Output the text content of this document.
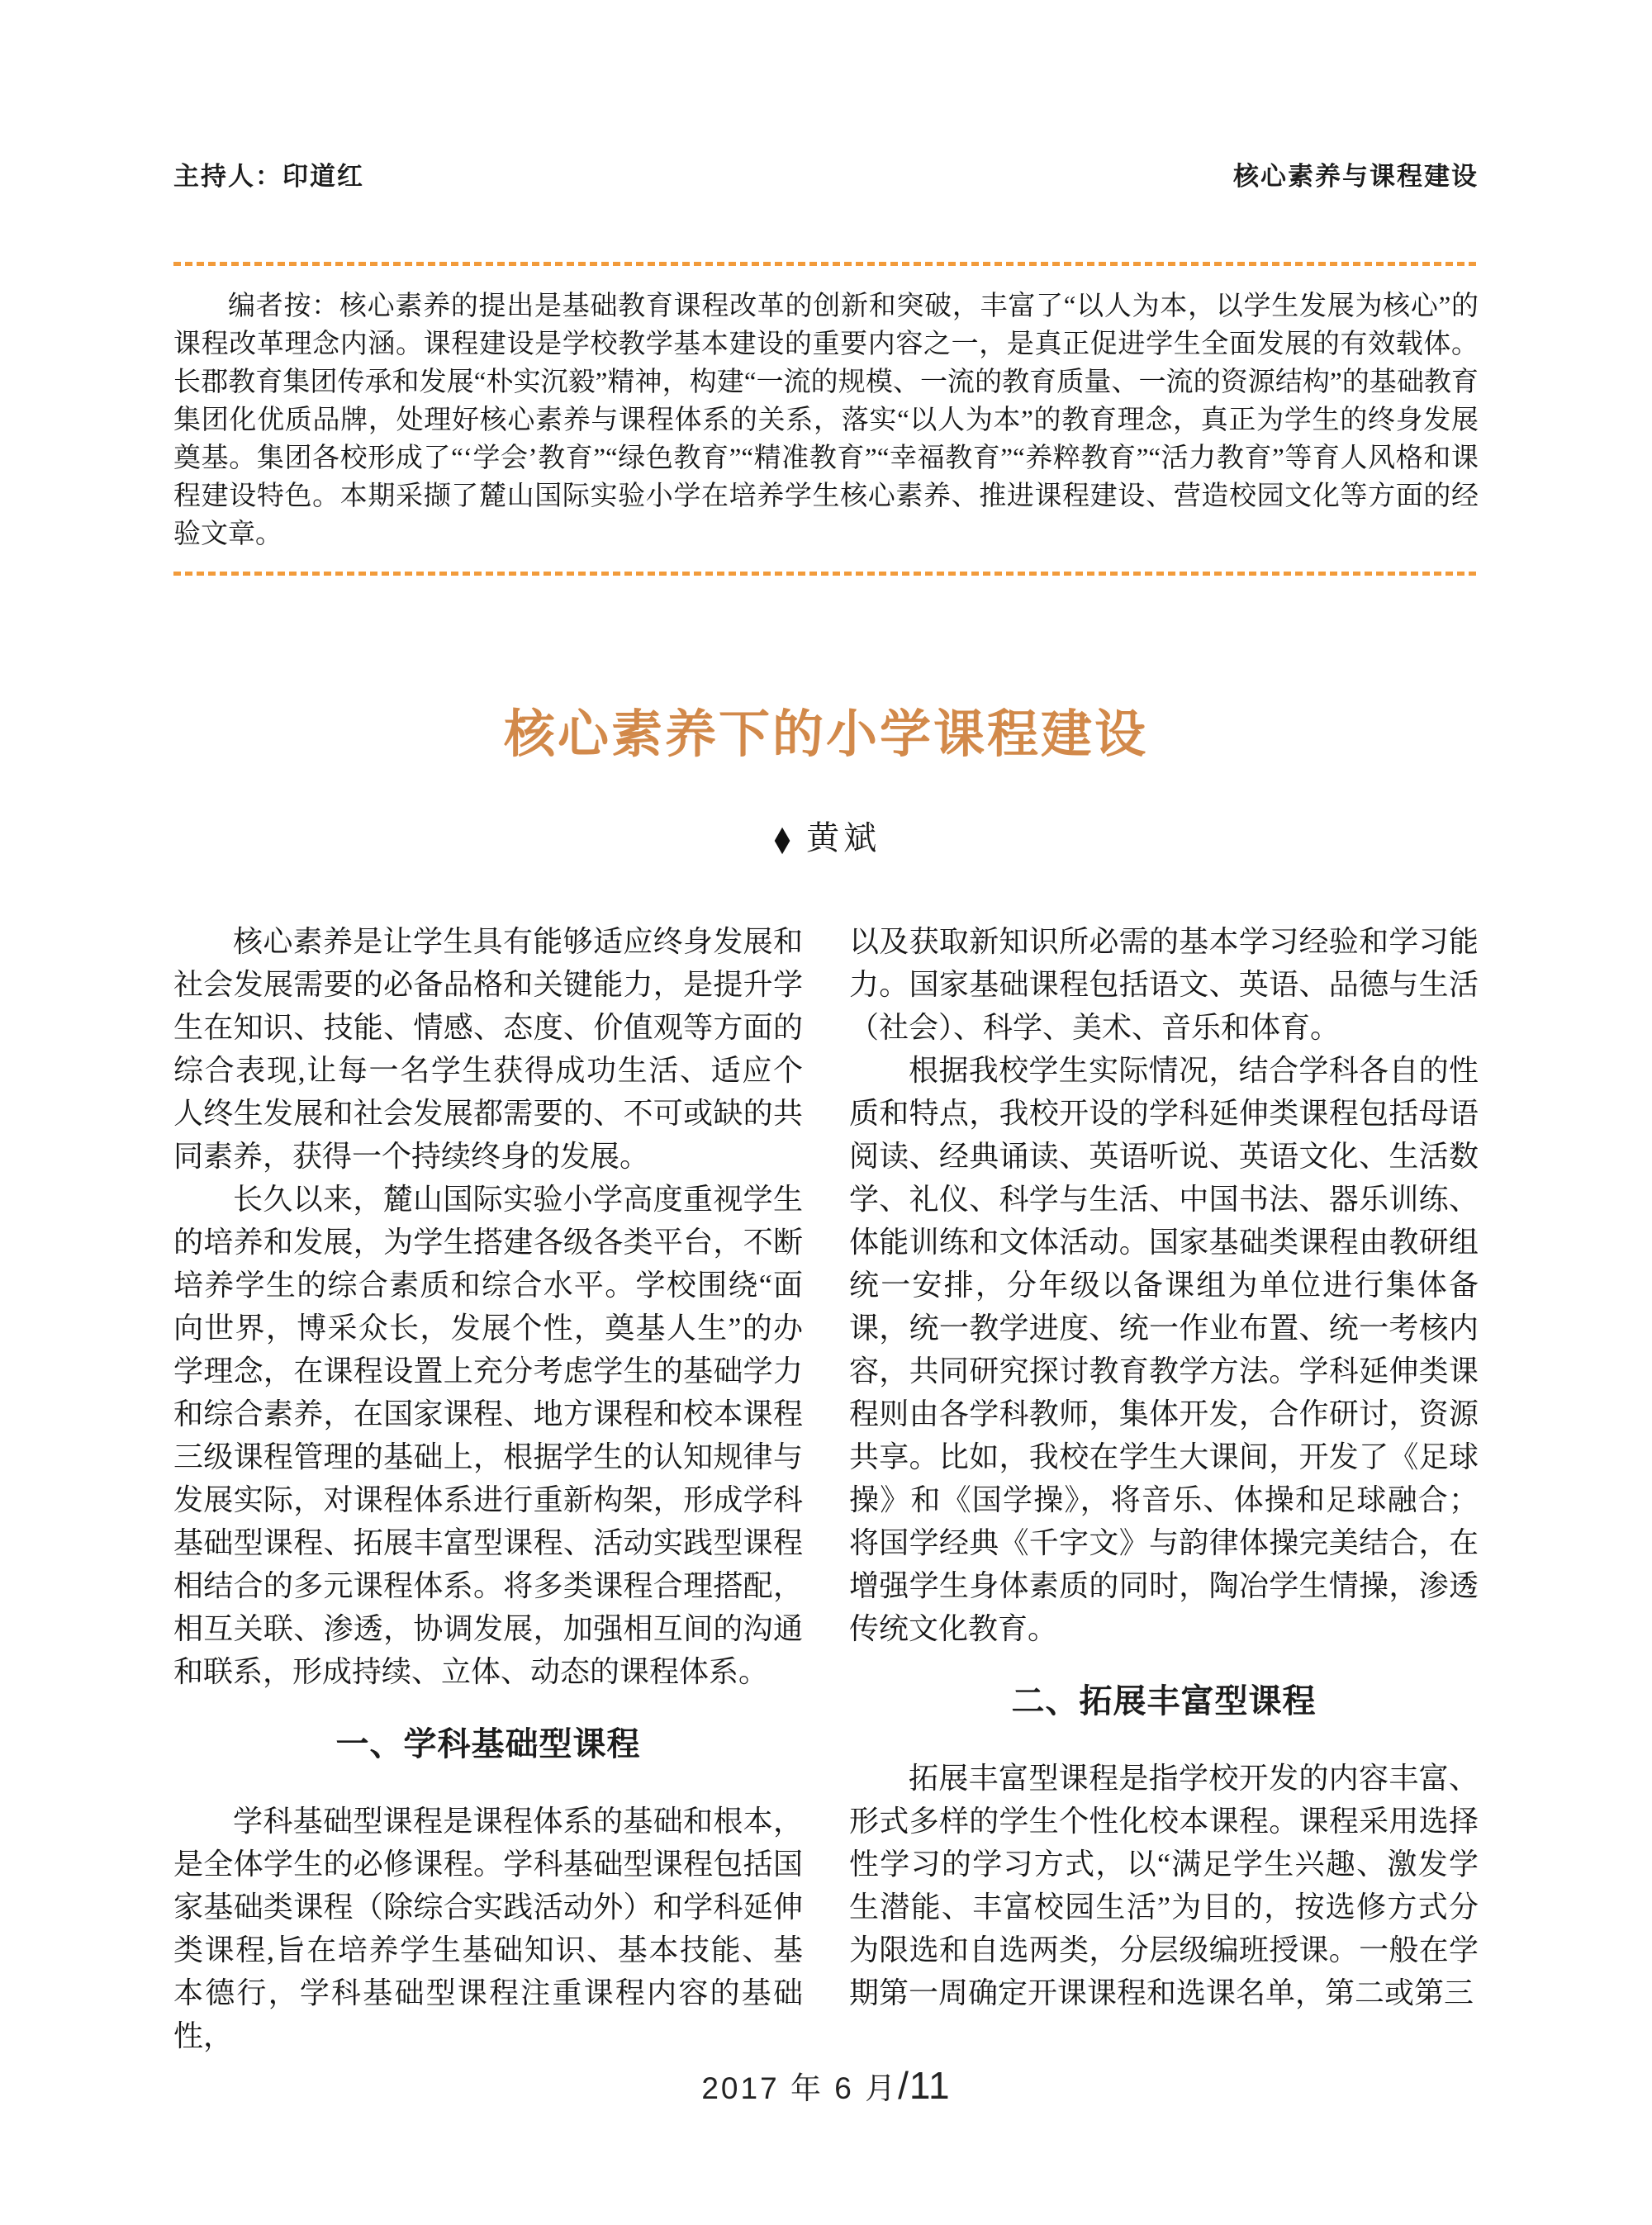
主持人：印道红	核心素养与课程建设

编者按：核心素养的提出是基础教育课程改革的创新和突破，丰富了“以人为本，以学生发展为核心”的课程改革理念内涵。课程建设是学校教学基本建设的重要内容之一，是真正促进学生全面发展的有效载体。长郡教育集团传承和发展“朴实沉毅”精神，构建“一流的规模、一流的教育质量、一流的资源结构”的基础教育集团化优质品牌，处理好核心素养与课程体系的关系，落实“以人为本”的教育理念，真正为学生的终身发展奠基。集团各校形成了“‘学会’教育”“绿色教育”“精准教育”“幸福教育”“养粹教育”“活力教育”等育人风格和课程建设特色。本期采撷了麓山国际实验小学在培养学生核心素养、推进课程建设、营造校园文化等方面的经验文章。

核心素养下的小学课程建设
◆ 黄斌

核心素养是让学生具有能够适应终身发展和社会发展需要的必备品格和关键能力，是提升学生在知识、技能、情感、态度、价值观等方面的综合表现,让每一名学生获得成功生活、适应个人终生发展和社会发展都需要的、不可或缺的共同素养，获得一个持续终身的发展。

长久以来，麓山国际实验小学高度重视学生的培养和发展，为学生搭建各级各类平台，不断培养学生的综合素质和综合水平。学校围绕“面向世界，博采众长，发展个性，奠基人生”的办学理念，在课程设置上充分考虑学生的基础学力和综合素养，在国家课程、地方课程和校本课程三级课程管理的基础上，根据学生的认知规律与发展实际，对课程体系进行重新构架，形成学科基础型课程、拓展丰富型课程、活动实践型课程相结合的多元课程体系。将多类课程合理搭配，相互关联、渗透，协调发展，加强相互间的沟通和联系，形成持续、立体、动态的课程体系。

一、学科基础型课程

学科基础型课程是课程体系的基础和根本，是全体学生的必修课程。学科基础型课程包括国家基础类课程（除综合实践活动外）和学科延伸类课程,旨在培养学生基础知识、基本技能、基本德行，学科基础型课程注重课程内容的基础性，

以及获取新知识所必需的基本学习经验和学习能力。国家基础课程包括语文、英语、品德与生活（社会）、科学、美术、音乐和体育。

根据我校学生实际情况，结合学科各自的性质和特点，我校开设的学科延伸类课程包括母语阅读、经典诵读、英语听说、英语文化、生活数学、礼仪、科学与生活、中国书法、器乐训练、体能训练和文体活动。国家基础类课程由教研组统一安排，分年级以备课组为单位进行集体备课，统一教学进度、统一作业布置、统一考核内容，共同研究探讨教育教学方法。学科延伸类课程则由各学科教师，集体开发，合作研讨，资源共享。比如，我校在学生大课间，开发了《足球操》和《国学操》，将音乐、体操和足球融合；将国学经典《千字文》与韵律体操完美结合，在增强学生身体素质的同时，陶冶学生情操，渗透传统文化教育。

二、拓展丰富型课程

拓展丰富型课程是指学校开发的内容丰富、形式多样的学生个性化校本课程。课程采用选择性学习的学习方式，以“满足学生兴趣、激发学生潜能、丰富校园生活”为目的，按选修方式分为限选和自选两类，分层级编班授课。一般在学期第一周确定开课课程和选课名单，第二或第三

2017 年 6 月/11
